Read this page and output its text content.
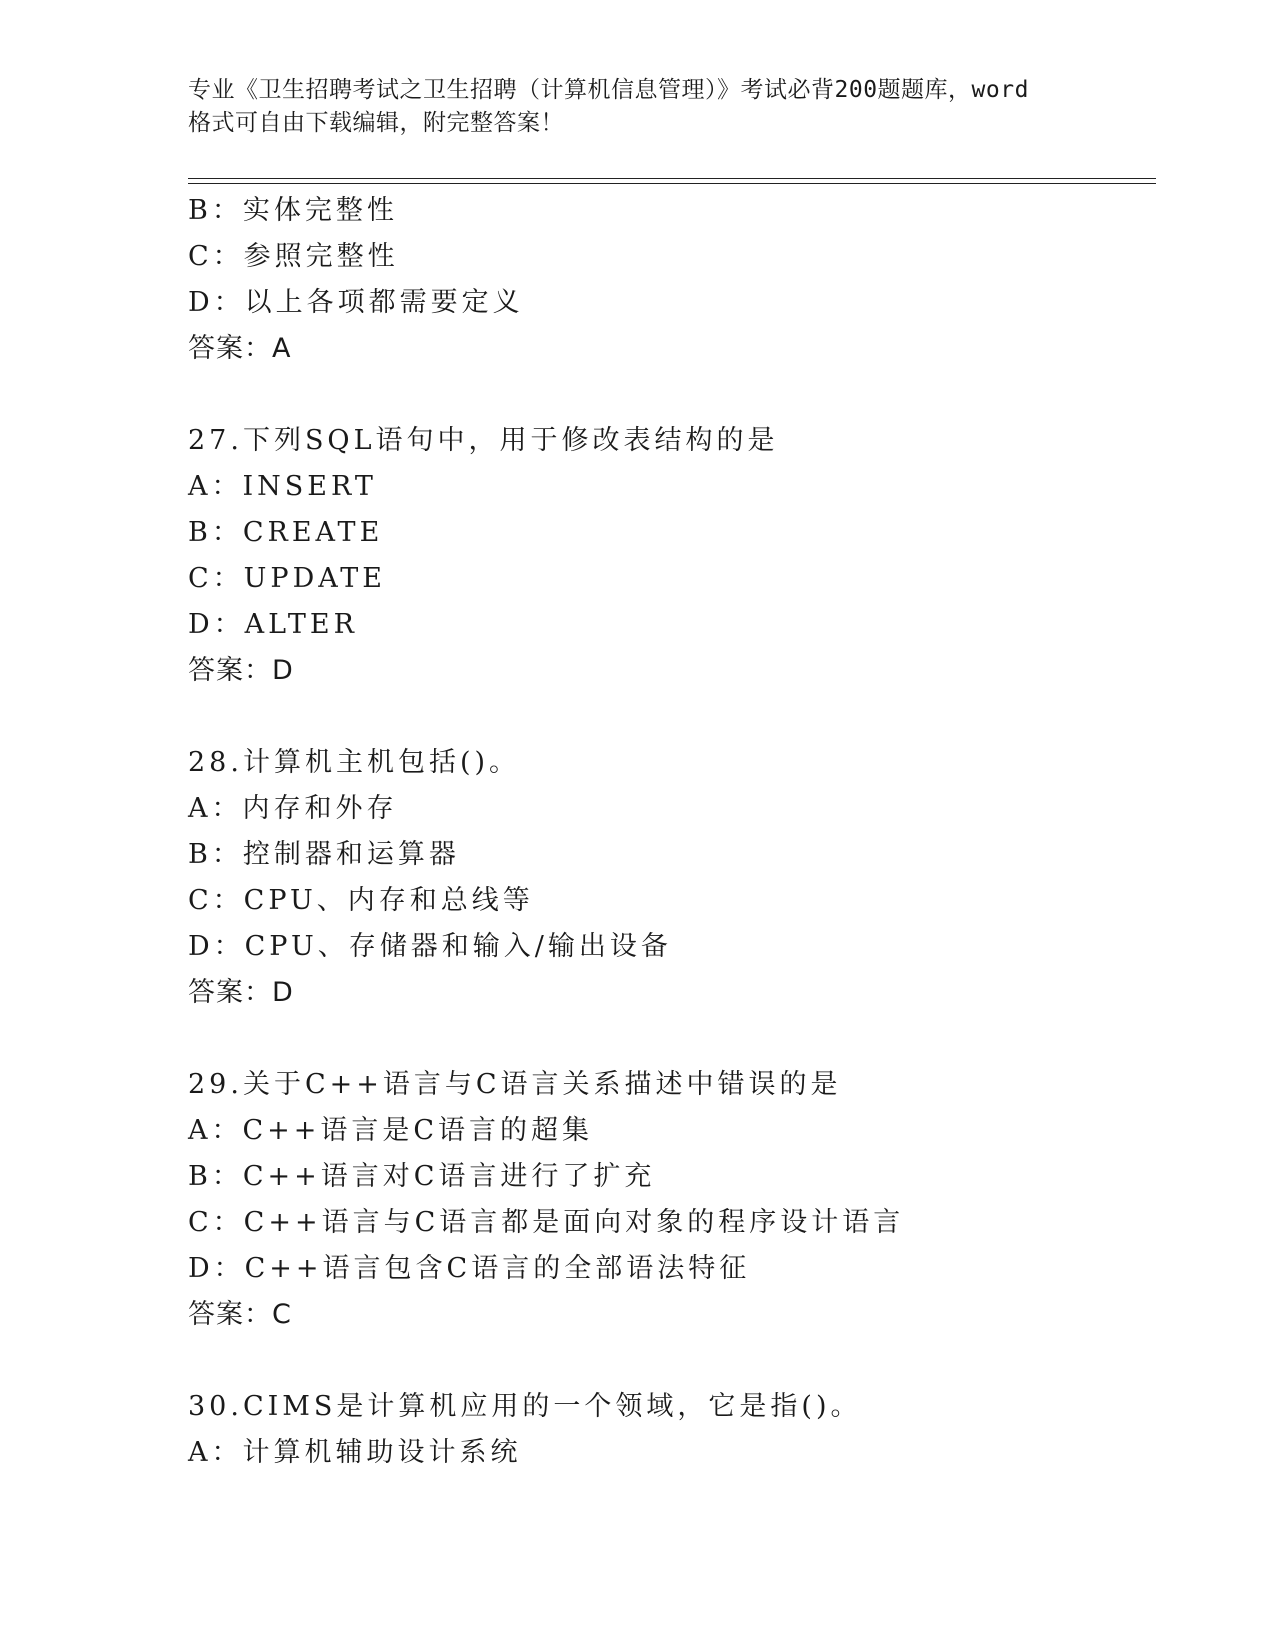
专业《卫生招聘考试之卫生招聘（计算机信息管理）》考试必背200题题库，word
格式可自由下载编辑，附完整答案！
B：实体完整性
C：参照完整性
D：以上各项都需要定义
答案：A
27.下列SQL语句中，用于修改表结构的是
A：INSERT
B：CREATE
C：UPDATE
D：ALTER
答案：D
28.计算机主机包括()。
A：内存和外存
B：控制器和运算器
C：CPU、内存和总线等
D：CPU、存储器和输入/输出设备
答案：D
29.关于C++语言与C语言关系描述中错误的是
A：C++语言是C语言的超集
B：C++语言对C语言进行了扩充
C：C++语言与C语言都是面向对象的程序设计语言
D：C++语言包含C语言的全部语法特征
答案：C
30.CIMS是计算机应用的一个领域，它是指()。
A：计算机辅助设计系统
